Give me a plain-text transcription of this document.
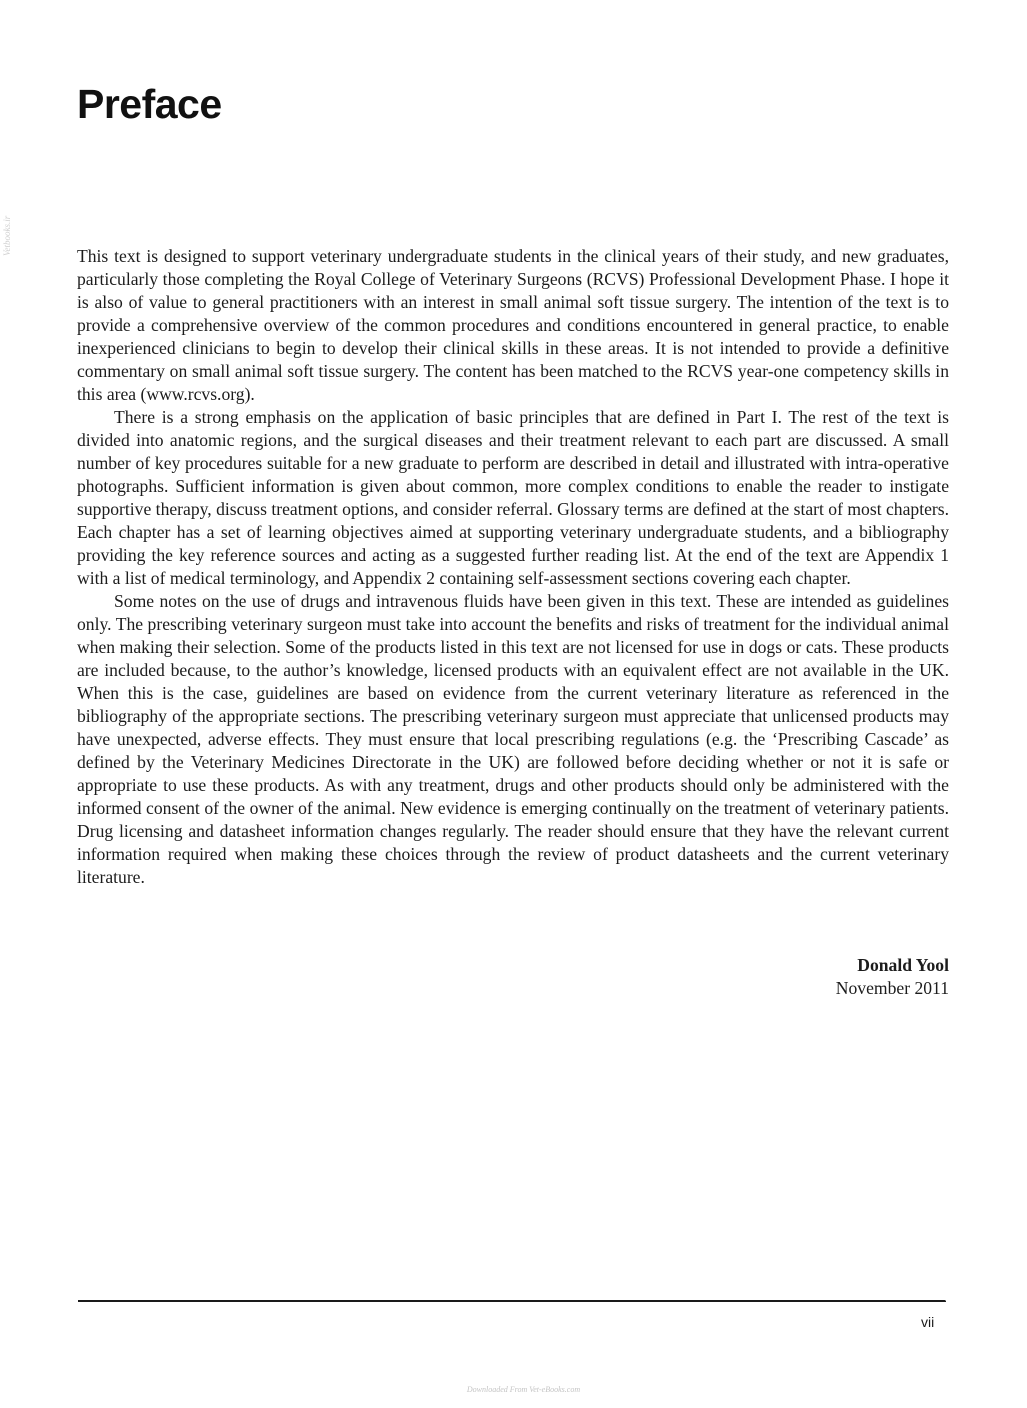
Preface
Vetbooks.ir	This text is designed to support veterinary undergraduate students in the clinical years of their study, and new graduates, particularly those completing the Royal College of Veterinary Surgeons (RCVS) Professional Development Phase. I hope it is also of value to general practitioners with an interest in small animal soft tissue surgery. The intention of the text is to provide a comprehensive overview of the common procedures and conditions encountered in general practice, to enable inexperienced clinicians to begin to develop their clinical skills in these areas. It is not intended to provide a definitive commentary on small animal soft tissue surgery. The content has been matched to the RCVS year-one competency skills in this area (www.rcvs.org).

There is a strong emphasis on the application of basic principles that are defined in Part I. The rest of the text is divided into anatomic regions, and the surgical diseases and their treatment relevant to each part are discussed. A small number of key procedures suitable for a new graduate to perform are described in detail and illustrated with intra-operative photographs. Sufficient information is given about common, more complex conditions to enable the reader to instigate supportive therapy, discuss treatment options, and consider referral. Glossary terms are defined at the start of most chapters. Each chapter has a set of learning objectives aimed at supporting veterinary undergraduate students, and a bibliography providing the key reference sources and acting as a suggested further reading list. At the end of the text are Appendix 1 with a list of medical terminology, and Appendix 2 containing self-assessment sections covering each chapter.

Some notes on the use of drugs and intravenous fluids have been given in this text. These are intended as guidelines only. The prescribing veterinary surgeon must take into account the benefits and risks of treatment for the individual animal when making their selection. Some of the products listed in this text are not licensed for use in dogs or cats. These products are included because, to the author’s knowledge, licensed products with an equivalent effect are not available in the UK. When this is the case, guidelines are based on evidence from the current veterinary literature as referenced in the bibliography of the appropriate sections. The prescribing veterinary surgeon must appreciate that unlicensed products may have unexpected, adverse effects. They must ensure that local prescribing regulations (e.g. the ‘Prescribing Cascade’ as defined by the Veterinary Medicines Directorate in the UK) are followed before deciding whether or not it is safe or appropriate to use these products. As with any treatment, drugs and other products should only be administered with the informed consent of the owner of the animal. New evidence is emerging continually on the treatment of veterinary patients. Drug licensing and datasheet information changes regularly. The reader should ensure that they have the relevant current information required when making these choices through the review of product datasheets and the current veterinary literature.

Donald Yool
November 2011
vii
Downloaded From Vet-eBooks.com
